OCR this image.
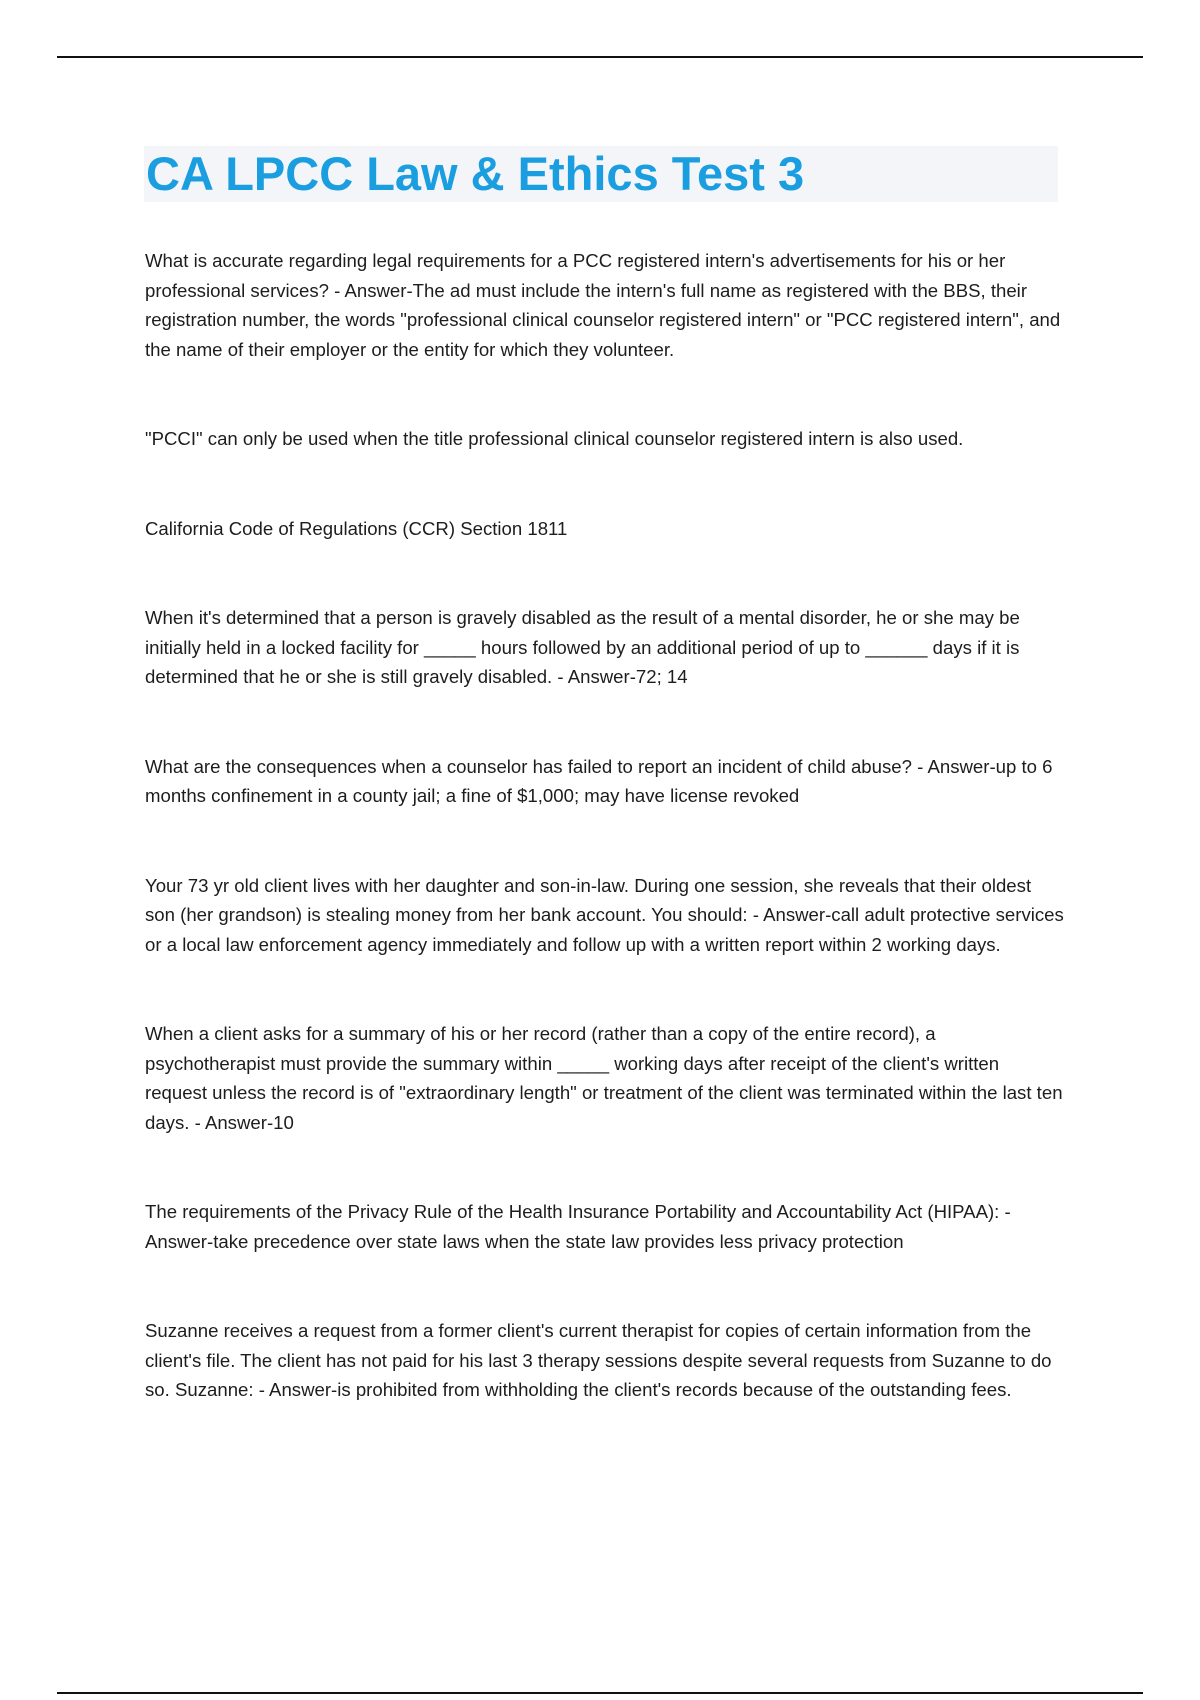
CA LPCC Law & Ethics Test 3

What is accurate regarding legal requirements for a PCC registered intern's advertisements for his or her professional services? - Answer-The ad must include the intern's full name as registered with the BBS, their registration number, the words "professional clinical counselor registered intern" or "PCC registered intern", and the name of their employer or the entity for which they volunteer.

"PCCI" can only be used when the title professional clinical counselor registered intern is also used.

California Code of Regulations (CCR) Section 1811

When it's determined that a person is gravely disabled as the result of a mental disorder, he or she may be initially held in a locked facility for _____ hours followed by an additional period of up to ______ days if it is determined that he or she is still gravely disabled. - Answer-72; 14

What are the consequences when a counselor has failed to report an incident of child abuse? - Answer-up to 6 months confinement in a county jail; a fine of $1,000; may have license revoked

Your 73 yr old client lives with her daughter and son-in-law. During one session, she reveals that their oldest son (her grandson) is stealing money from her bank account. You should: - Answer-call adult protective services or a local law enforcement agency immediately and follow up with a written report within 2 working days.

When a client asks for a summary of his or her record (rather than a copy of the entire record), a psychotherapist must provide the summary within _____ working days after receipt of the client's written request unless the record is of "extraordinary length" or treatment of the client was terminated within the last ten days. - Answer-10

The requirements of the Privacy Rule of the Health Insurance Portability and Accountability Act (HIPAA): - Answer-take precedence over state laws when the state law provides less privacy protection

Suzanne receives a request from a former client's current therapist for copies of certain information from the client's file. The client has not paid for his last 3 therapy sessions despite several requests from Suzanne to do so. Suzanne: - Answer-is prohibited from withholding the client's records because of the outstanding fees.
